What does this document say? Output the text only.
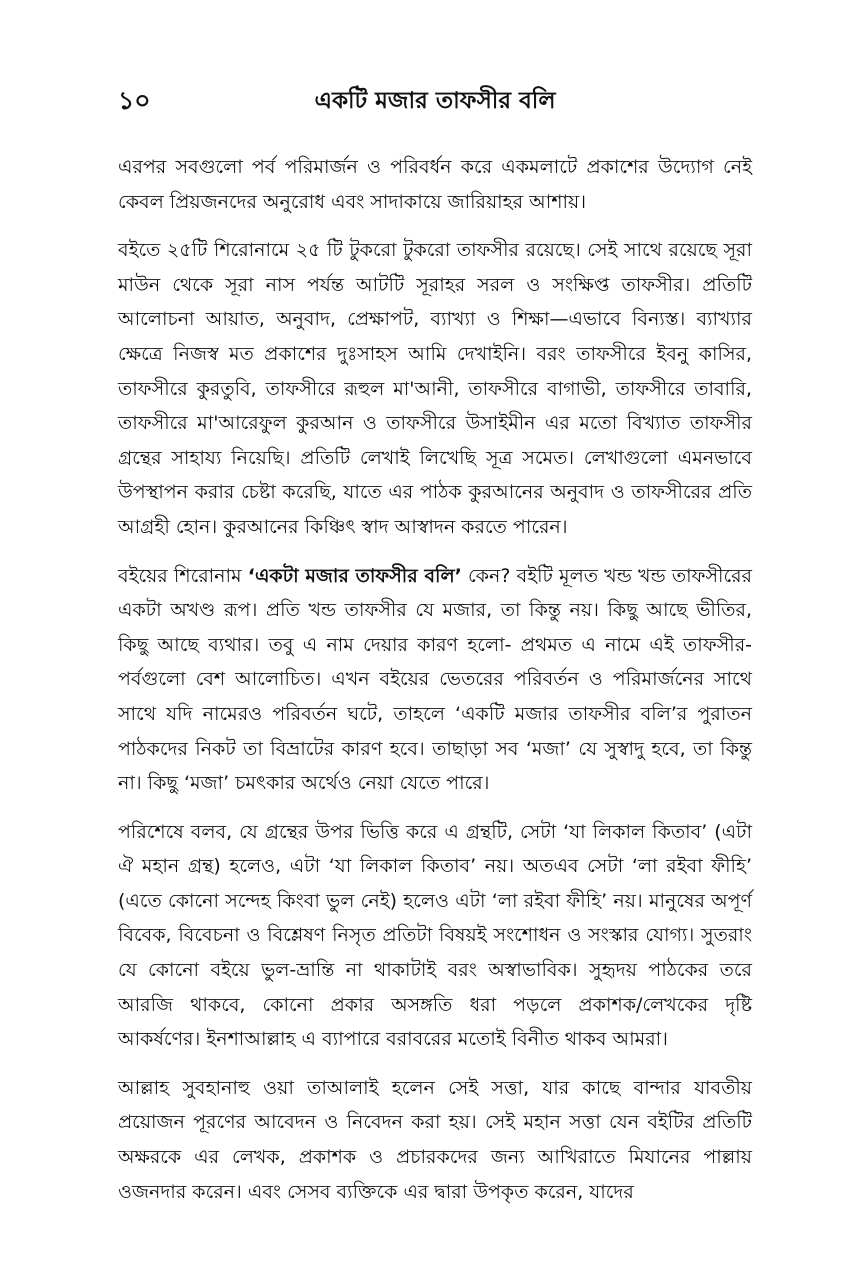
১০	একটি মজার তাফসীর বলি

এরপর সবগুলো পর্ব পরিমার্জন ও পরিবর্ধন করে একমলাটে প্রকাশের উদ্যোগ নেই কেবল প্রিয়জনদের অনুরোধ এবং সাদাকায়ে জারিয়াহর আশায়।

বইতে ২৫টি শিরোনামে ২৫ টি টুকরো টুকরো তাফসীর রয়েছে। সেই সাথে রয়েছে সূরা মাউন থেকে সূরা নাস পর্যন্ত আটটি সূরাহর সরল ও সংক্ষিপ্ত তাফসীর। প্রতিটি আলোচনা আয়াত, অনুবাদ, প্রেক্ষাপট, ব্যাখ্যা ও শিক্ষা—এভাবে বিন্যস্ত। ব্যাখ্যার ক্ষেত্রে নিজস্ব মত প্রকাশের দুঃসাহস আমি দেখাইনি। বরং তাফসীরে ইবনু কাসির, তাফসীরে কুরতুবি, তাফসীরে রূহুল মা'আনী, তাফসীরে বাগাভী, তাফসীরে তাবারি, তাফসীরে মা'আরেফুল কুরআন ও তাফসীরে উসাইমীন এর মতো বিখ্যাত তাফসীর গ্রন্থের সাহায্য নিয়েছি। প্রতিটি লেখাই লিখেছি সূত্র সমেত। লেখাগুলো এমনভাবে উপস্থাপন করার চেষ্টা করেছি, যাতে এর পাঠক কুরআনের অনুবাদ ও তাফসীরের প্রতি আগ্রহী হোন। কুরআনের কিঞ্চিৎ স্বাদ আস্বাদন করতে পারেন।

বইয়ের শিরোনাম ‘একটা মজার তাফসীর বলি’ কেন? বইটি মূলত খন্ড খন্ড তাফসীরের একটা অখণ্ড রূপ। প্রতি খন্ড তাফসীর যে মজার, তা কিন্তু নয়। কিছু আছে ভীতির, কিছু আছে ব্যথার। তবু এ নাম দেয়ার কারণ হলো- প্রথমত এ নামে এই তাফসীর-পর্বগুলো বেশ আলোচিত। এখন বইয়ের ভেতরের পরিবর্তন ও পরিমার্জনের সাথে সাথে যদি নামেরও পরিবর্তন ঘটে, তাহলে ‘একটি মজার তাফসীর বলি’র পুরাতন পাঠকদের নিকট তা বিভ্রাটের কারণ হবে। তাছাড়া সব ‘মজা’ যে সুস্বাদু হবে, তা কিন্তু না। কিছু ‘মজা’ চমৎকার অর্থেও নেয়া যেতে পারে।

পরিশেষে বলব, যে গ্রন্থের উপর ভিত্তি করে এ গ্রন্থটি, সেটা ‘যা লিকাল কিতাব’ (এটা ঐ মহান গ্রন্থ) হলেও, এটা ‘যা লিকাল কিতাব’ নয়। অতএব সেটা ‘লা রইবা ফীহি’ (এতে কোনো সন্দেহ কিংবা ভুল নেই) হলেও এটা ‘লা রইবা ফীহি’ নয়। মানুষের অপূর্ণ বিবেক, বিবেচনা ও বিশ্লেষণ নিসৃত প্রতিটা বিষয়ই সংশোধন ও সংস্কার যোগ্য। সুতরাং যে কোনো বইয়ে ভুল-ভ্রান্তি না থাকাটাই বরং অস্বাভাবিক। সুহৃদয় পাঠকের তরে আরজি থাকবে, কোনো প্রকার অসঙ্গতি ধরা পড়লে প্রকাশক/লেখকের দৃষ্টি আকর্ষণের। ইনশাআল্লাহ এ ব্যাপারে বরাবরের মতোই বিনীত থাকব আমরা।

আল্লাহ সুবহানাহু ওয়া তাআলাই হলেন সেই সত্তা, যার কাছে বান্দার যাবতীয় প্রয়োজন পূরণের আবেদন ও নিবেদন করা হয়। সেই মহান সত্তা যেন বইটির প্রতিটি অক্ষরকে এর লেখক, প্রকাশক ও প্রচারকদের জন্য আখিরাতে মিযানের পাল্লায় ওজনদার করেন। এবং সেসব ব্যক্তিকে এর দ্বারা উপকৃত করেন, যাদের
